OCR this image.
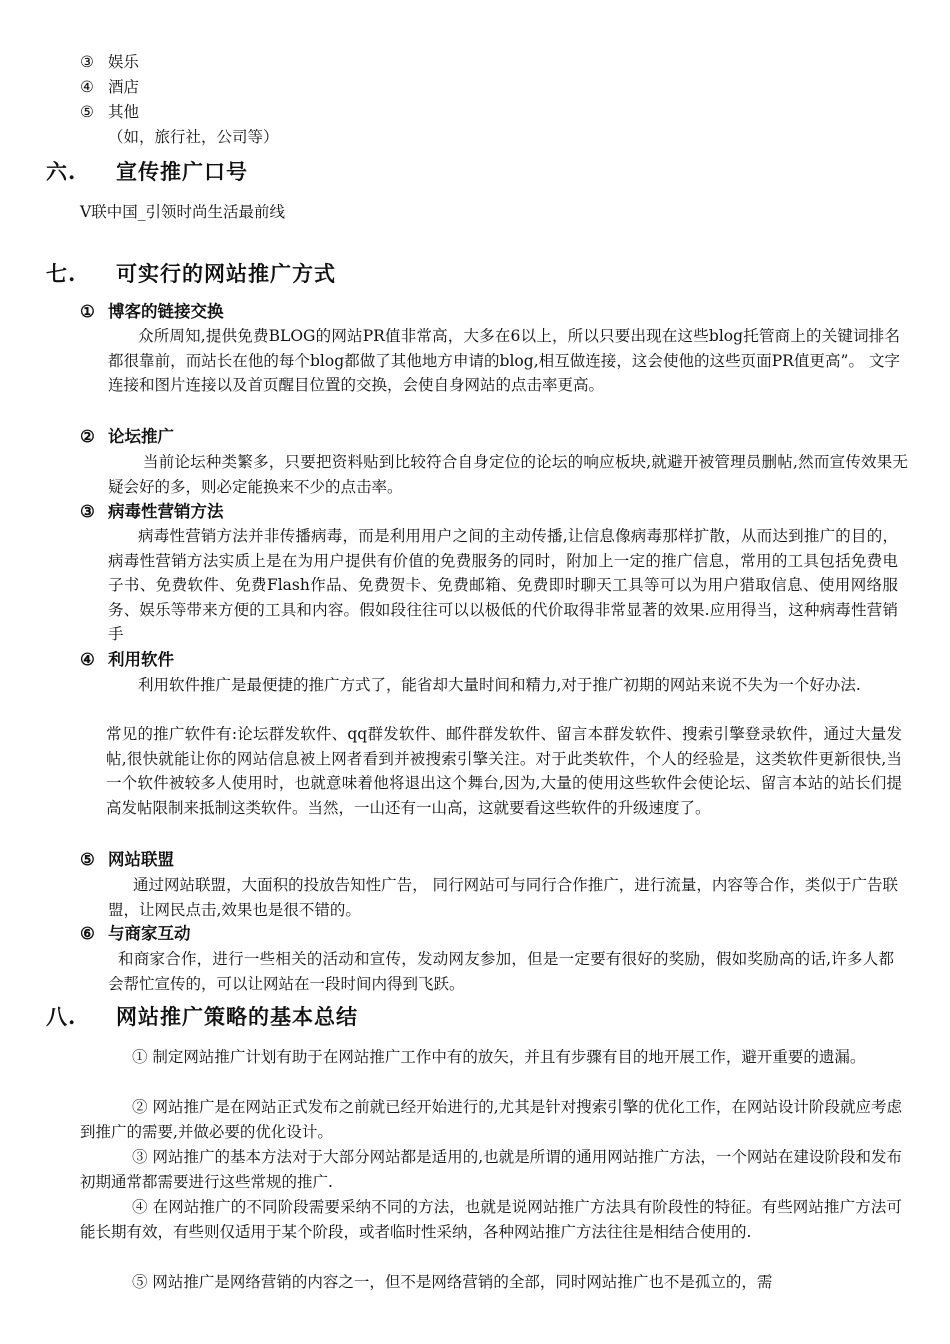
③ 娱乐
④ 酒店
⑤ 其他
（如，旅行社，公司等）
六. 宣传推广口号
V联中国_引领时尚生活最前线
七. 可实行的网站推广方式
① 博客的链接交换
众所周知,提供免费BLOG的网站PR值非常高，大多在6以上，所以只要出现在这些blog托管商上的关键词排名都很靠前，而站长在他的每个blog都做了其他地方申请的blog,相互做连接，这会使他的这些页面PR值更高”。 文字连接和图片连接以及首页醒目位置的交换，会使自身网站的点击率更高。
② 论坛推广
当前论坛种类繁多，只要把资料贴到比较符合自身定位的论坛的响应板块,就避开被管理员删帖,然而宣传效果无疑会好的多，则必定能换来不少的点击率。
③ 病毒性营销方法
病毒性营销方法并非传播病毒，而是利用用户之间的主动传播,让信息像病毒那样扩散，从而达到推广的目的，病毒性营销方法实质上是在为用户提供有价值的免费服务的同时，附加上一定的推广信息，常用的工具包括免费电子书、免费软件、免费Flash作品、免费贺卡、免费邮箱、免费即时聊天工具等可以为用户猎取信息、使用网络服务、娱乐等带来方便的工具和内容。假如段往往可以以极低的代价取得非常显著的效果.应用得当，这种病毒性营销手
④ 利用软件
利用软件推广是最便捷的推广方式了，能省却大量时间和精力,对于推广初期的网站来说不失为一个好办法.
常见的推广软件有:论坛群发软件、qq群发软件、邮件群发软件、留言本群发软件、搜索引擎登录软件，通过大量发帖,很快就能让你的网站信息被上网者看到并被搜索引擎关注。对于此类软件，个人的经验是，这类软件更新很快,当一个软件被较多人使用时，也就意味着他将退出这个舞台,因为,大量的使用这些软件会使论坛、留言本站的站长们提高发帖限制来抵制这类软件。当然，一山还有一山高，这就要看这些软件的升级速度了。
⑤ 网站联盟
通过网站联盟，大面积的投放告知性广告， 同行网站可与同行合作推广，进行流量，内容等合作，类似于广告联盟，让网民点击,效果也是很不错的。
⑥ 与商家互动
和商家合作，进行一些相关的活动和宣传，发动网友参加，但是一定要有很好的奖励，假如奖励高的话,许多人都会帮忙宣传的，可以让网站在一段时间内得到飞跃。
八. 网站推广策略的基本总结
① 制定网站推广计划有助于在网站推广工作中有的放矢，并且有步骤有目的地开展工作，避开重要的遗漏。
② 网站推广是在网站正式发布之前就已经开始进行的,尤其是针对搜索引擎的优化工作，在网站设计阶段就应考虑到推广的需要,并做必要的优化设计。
③ 网站推广的基本方法对于大部分网站都是适用的,也就是所谓的通用网站推广方法，一个网站在建设阶段和发布初期通常都需要进行这些常规的推广.
④ 在网站推广的不同阶段需要采纳不同的方法，也就是说网站推广方法具有阶段性的特征。有些网站推广方法可能长期有效，有些则仅适用于某个阶段，或者临时性采纳，各种网站推广方法往往是相结合使用的.
⑤ 网站推广是网络营销的内容之一，但不是网络营销的全部，同时网站推广也不是孤立的，需
